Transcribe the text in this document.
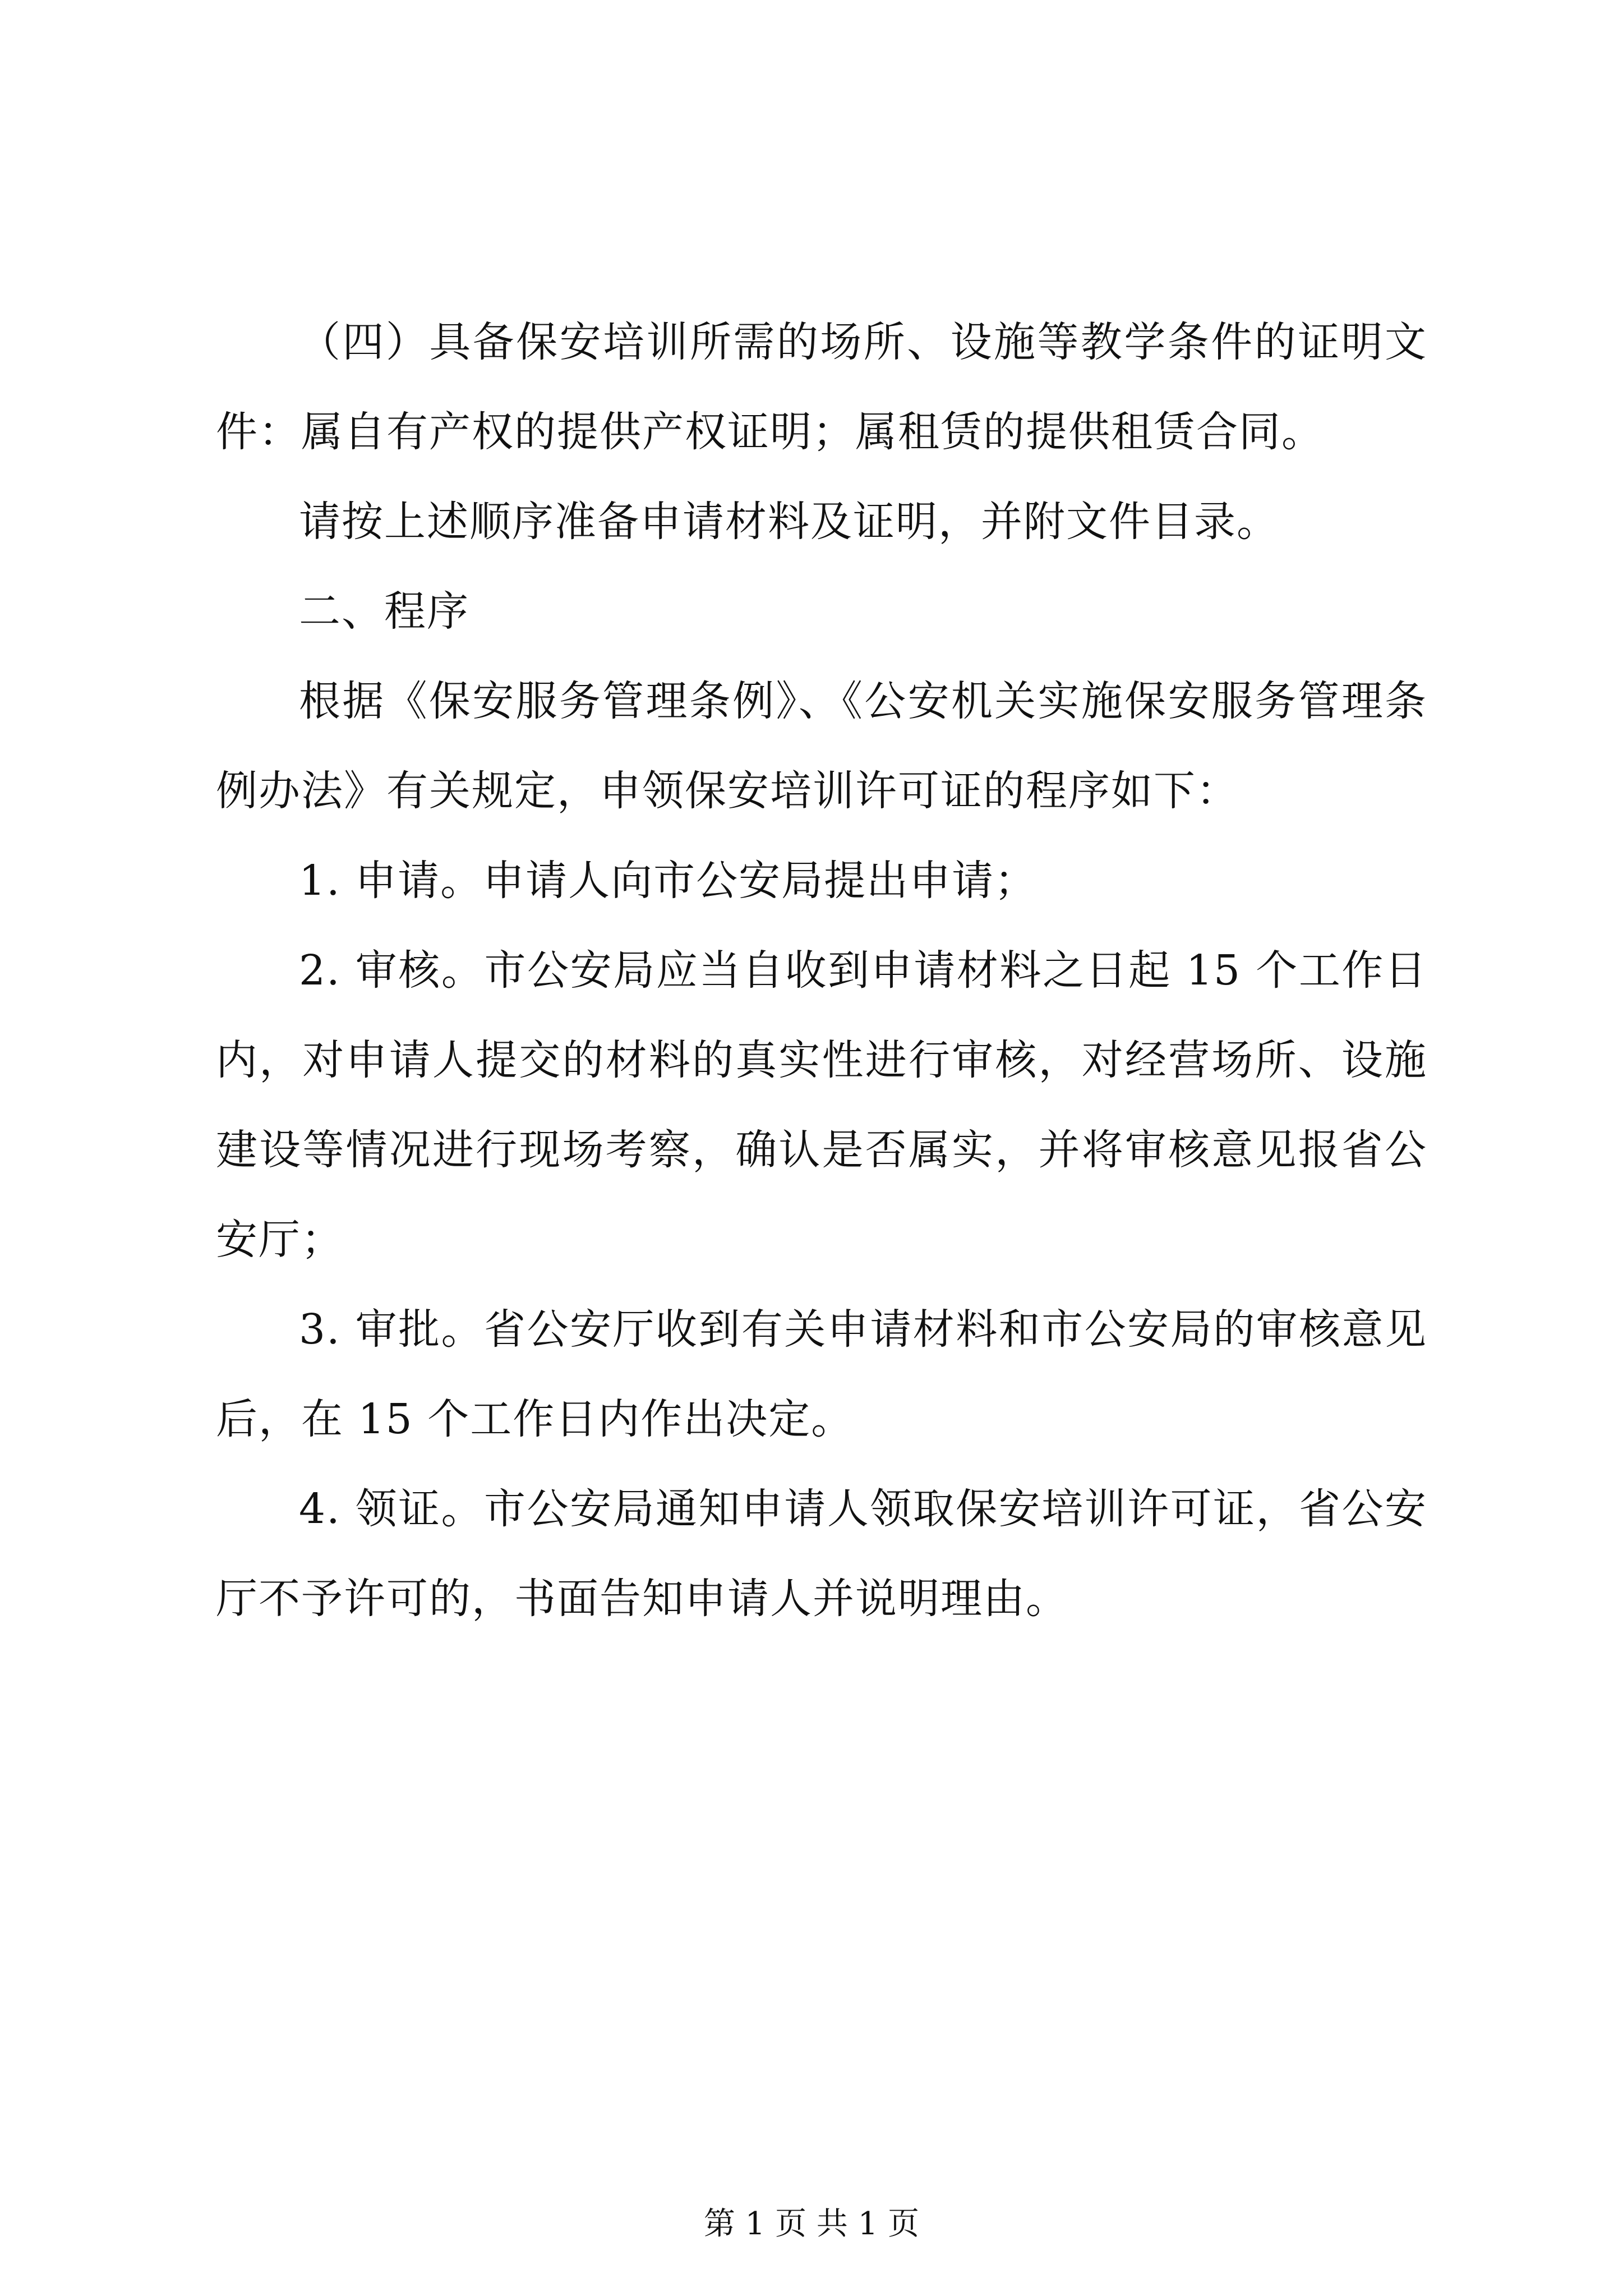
（四）具备保安培训所需的场所、设施等教学条件的证明文件：属自有产权的提供产权证明；属租赁的提供租赁合同。

请按上述顺序准备申请材料及证明，并附文件目录。

二、程序

根据《保安服务管理条例》、《公安机关实施保安服务管理条例办法》有关规定，申领保安培训许可证的程序如下：

1. 申请。申请人向市公安局提出申请；

2. 审核。市公安局应当自收到申请材料之日起 15 个工作日内，对申请人提交的材料的真实性进行审核，对经营场所、设施建设等情况进行现场考察，确认是否属实，并将审核意见报省公安厅；

3. 审批。省公安厅收到有关申请材料和市公安局的审核意见后，在 15 个工作日内作出决定。

4. 领证。市公安局通知申请人领取保安培训许可证，省公安厅不予许可的，书面告知申请人并说明理由。

第 1 页 共 1 页
